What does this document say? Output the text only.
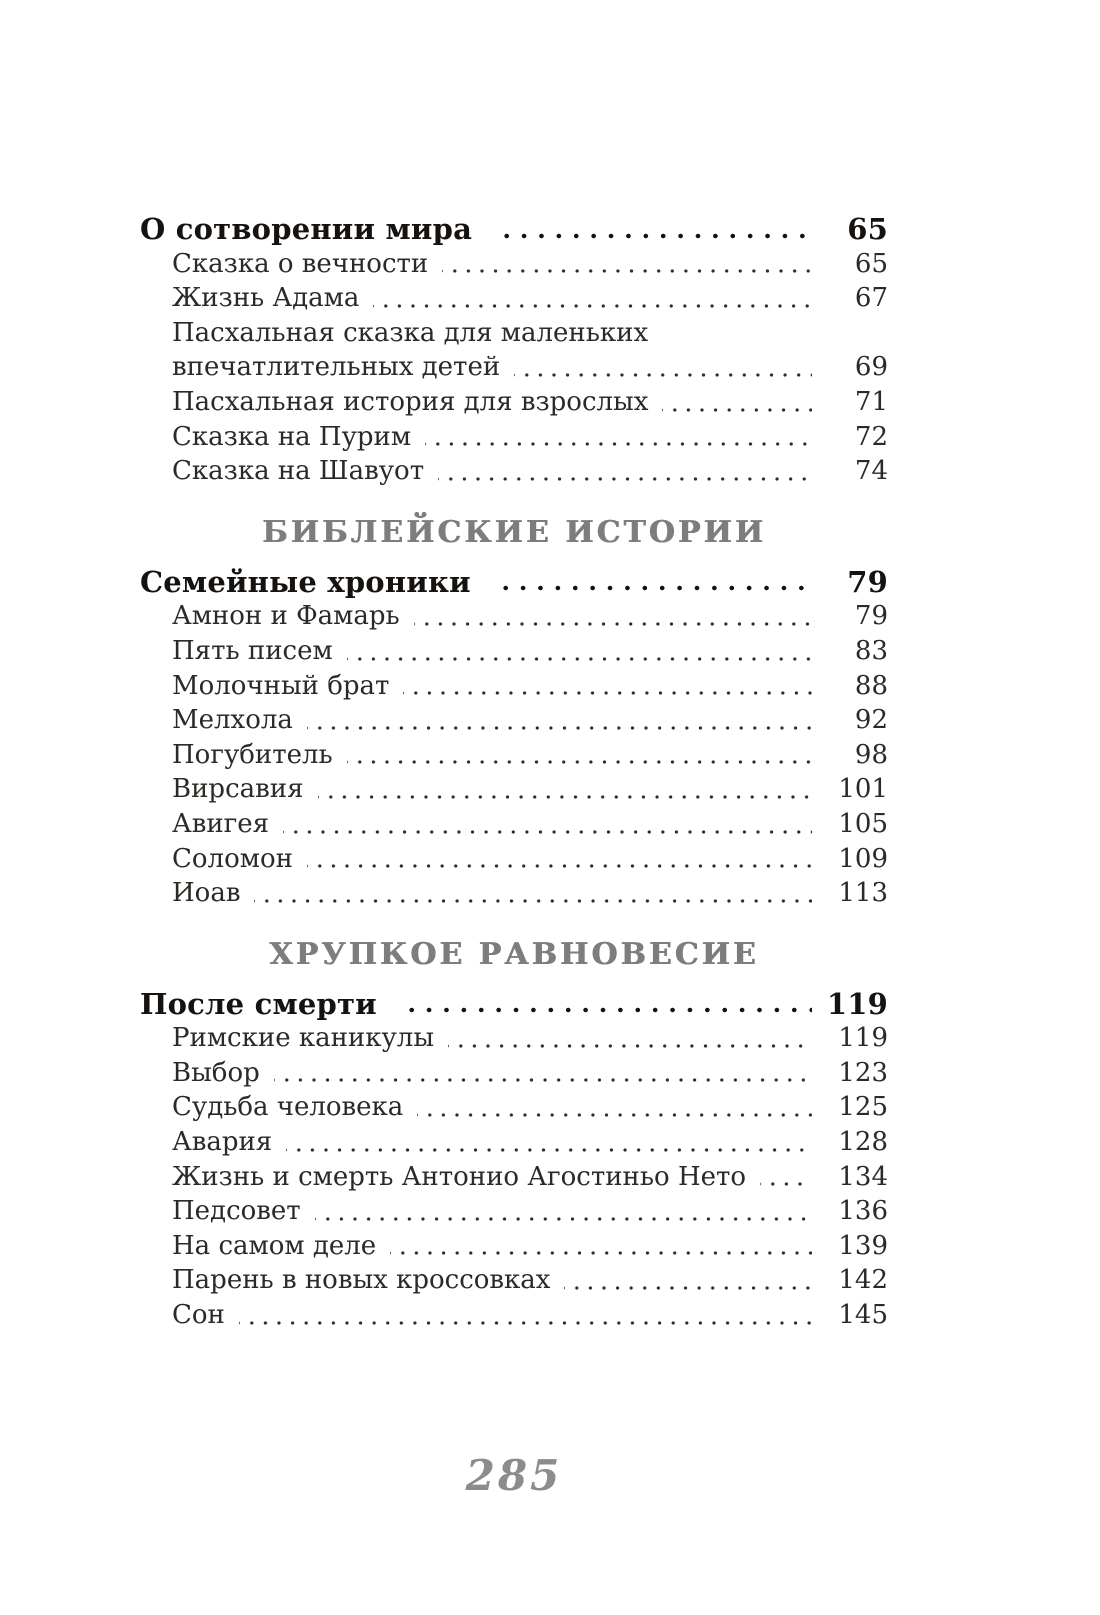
О сотворении мира	65
Сказка о вечности	65
Жизнь Адама	67
Пасхальная сказка для маленьких
впечатлительных детей	69
Пасхальная история для взрослых	71
Сказка на Пурим	72
Сказка на Шавуот	74
БИБЛЕЙСКИЕ ИСТОРИИ
Семейные хроники	79
Амнон и Фамарь	79
Пять писем	83
Молочный брат	88
Мелхола	92
Погубитель	98
Вирсавия	101
Авигея	105
Соломон	109
Иоав	113
ХРУПКОЕ РАВНОВЕСИЕ
После смерти	119
Римские каникулы	119
Выбор	123
Судьба человека	125
Авария	128
Жизнь и смерть Антонио Агостиньо Нето	134
Педсовет	136
На самом деле	139
Парень в новых кроссовках	142
Сон	145
285
